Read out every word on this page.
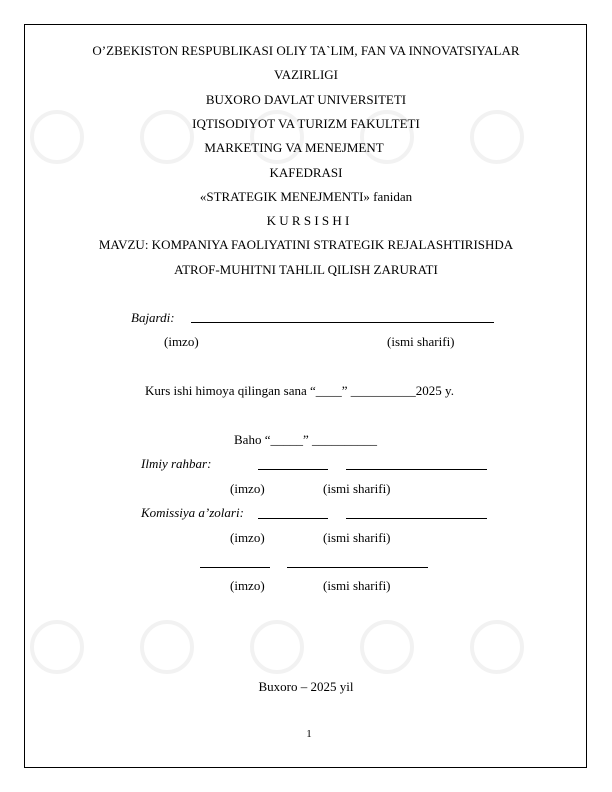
O’ZBEKISTON RESPUBLIKASI OLIY TA`LIM, FAN VA INNOVATSIYALAR
VAZIRLIGI
BUXORO DAVLAT UNIVERSITETI
IQTISODIYOT VA TURIZM FAKULTETI
MARKETING VA MENEJMENT
KAFEDRASI
«STRATEGIK MENEJMENTI» fanidan
K U R S I S H I
MAVZU: KOMPANIYA FAOLIYATINI STRATEGIK REJALASHTIRISHDA
ATROF-MUHITNI TAHLIL QILISH ZARURATI
Bajardi:
(imzo)	(ismi sharifi)
Kurs ishi himoya qilingan sana “____” __________2025 y.
Baho “_____” __________
Ilmiy rahbar:
(imzo)	(ismi sharifi)
Komissiya a’zolari:
(imzo)	(ismi sharifi)
(imzo)	(ismi sharifi)
Buxoro – 2025 yil
1
